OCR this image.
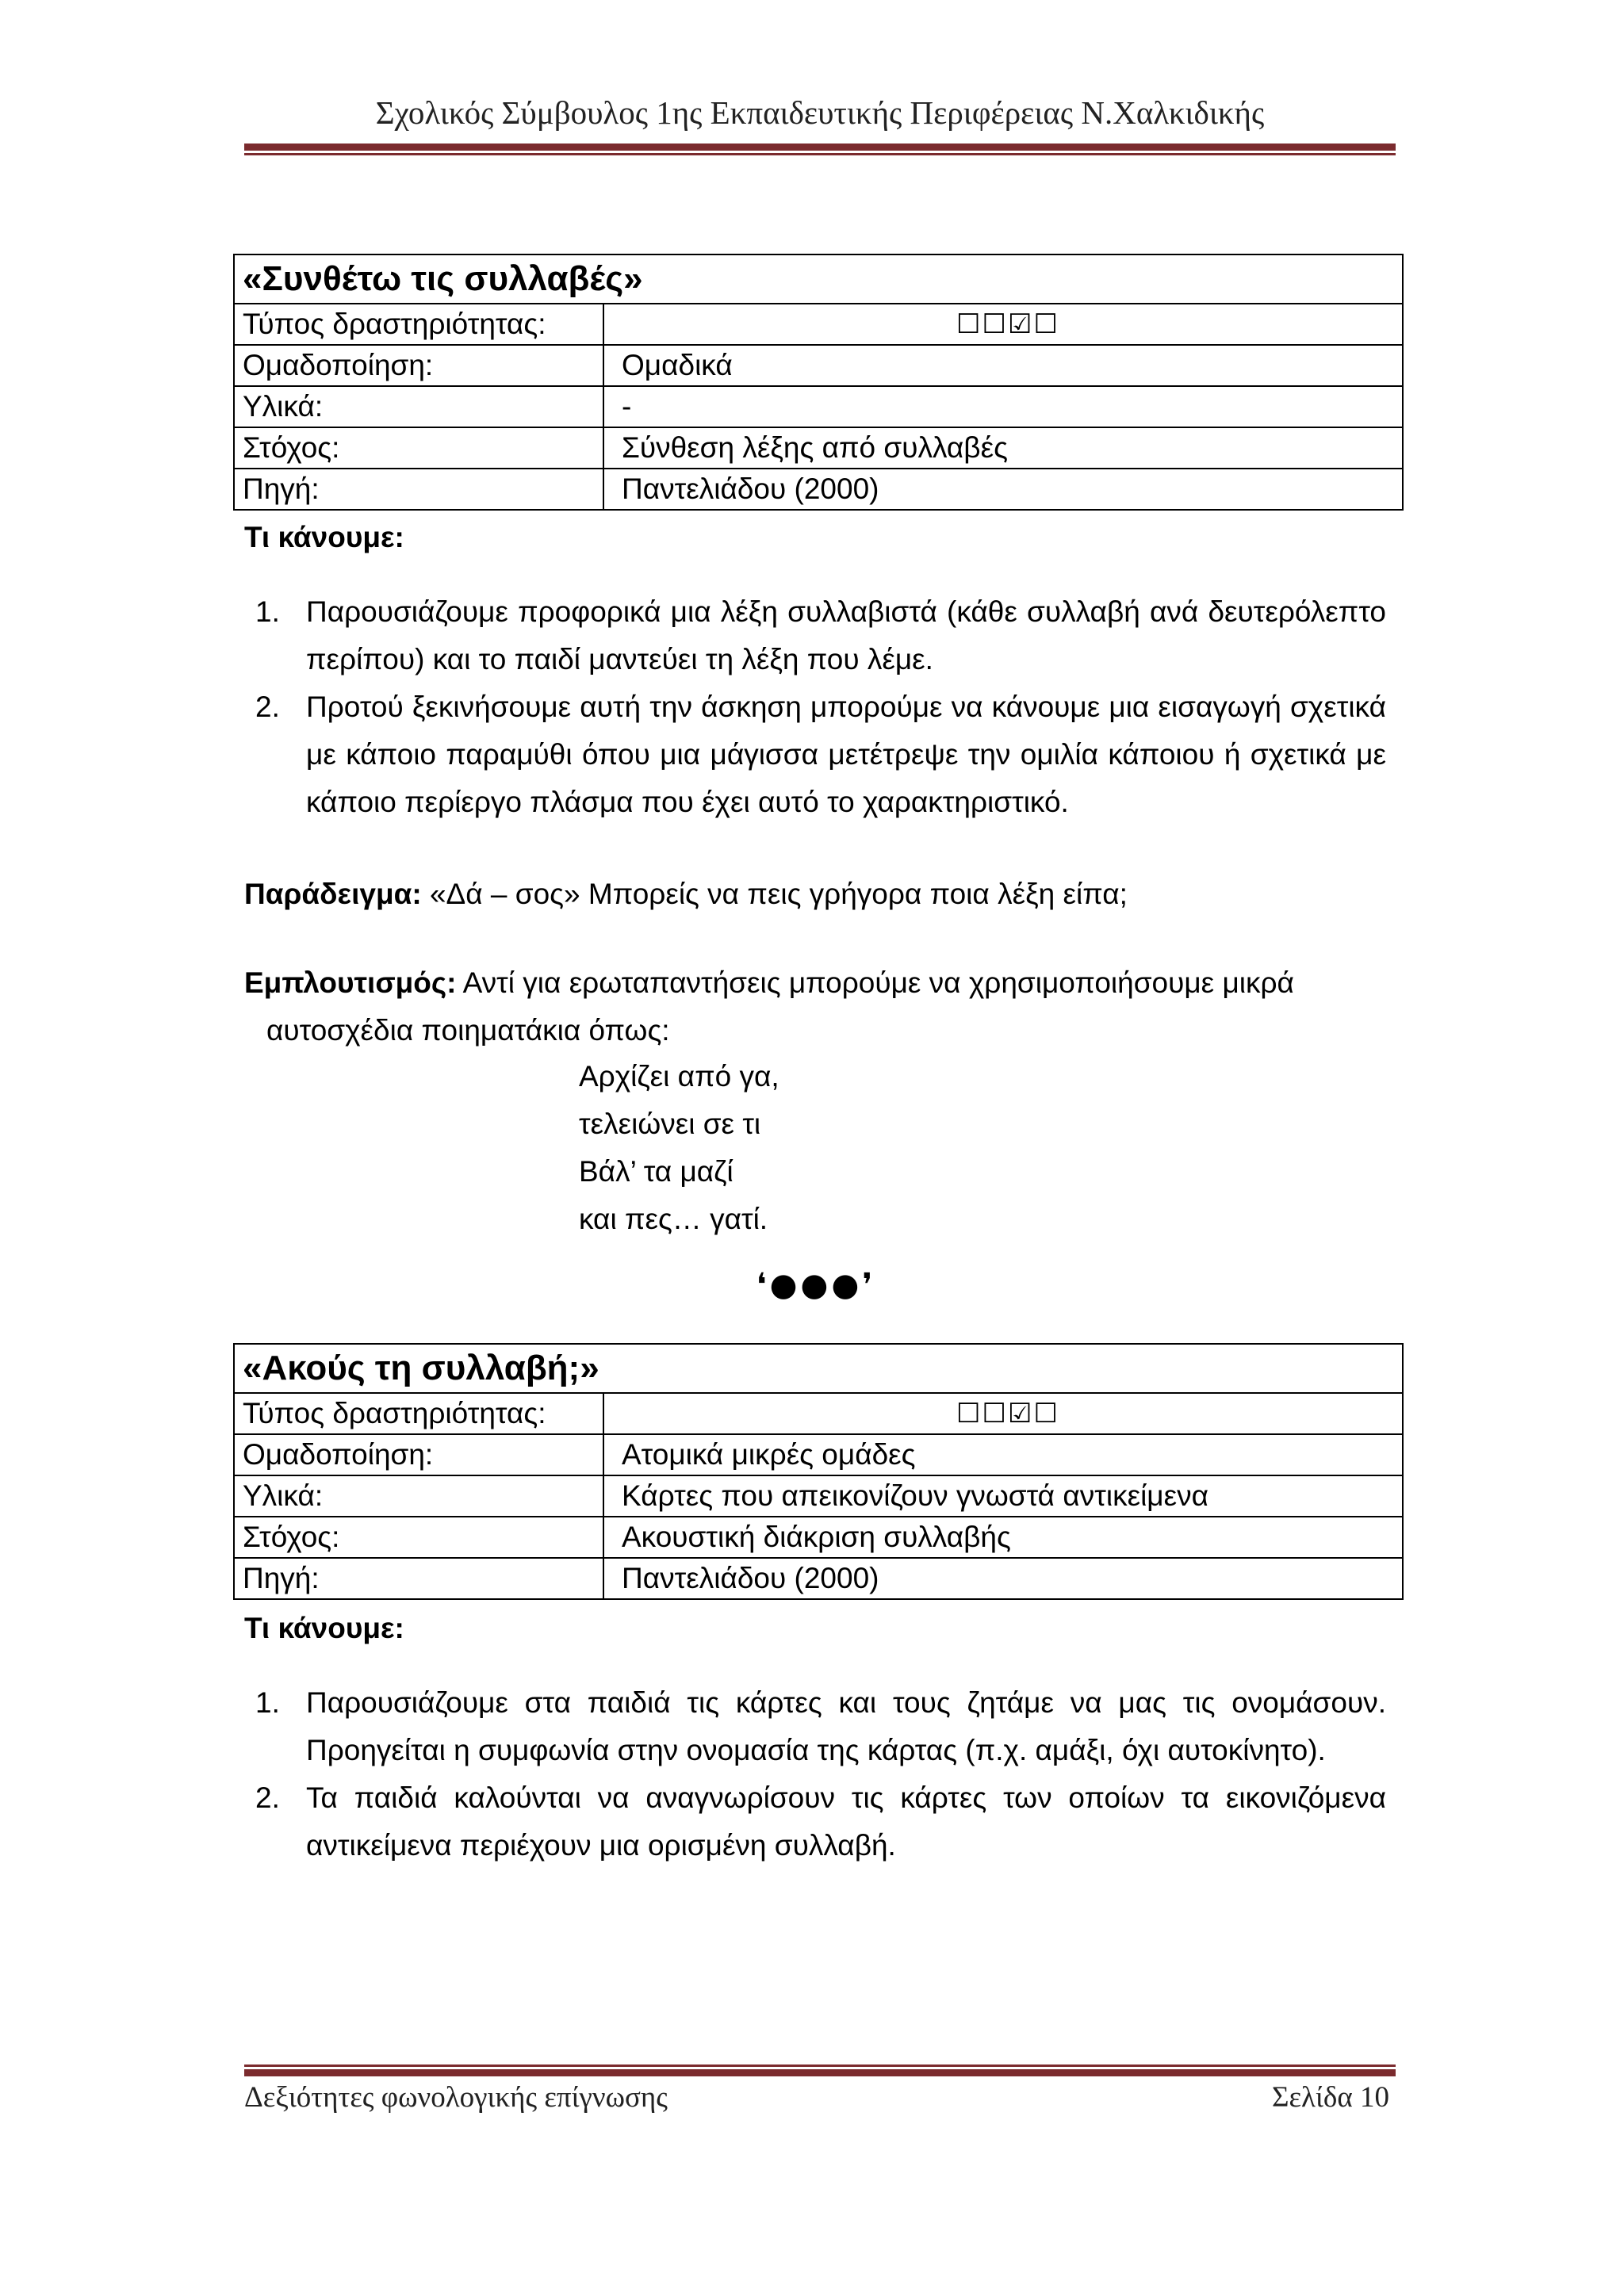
Σχολικός Σύμβουλος 1ης Εκπαιδευτικής Περιφέρειας Ν.Χαλκιδικής
«Συνθέτω τις συλλαβές»	
Τύπος δραστηριότητας:	☐☐☑☐
Ομαδοποίηση:	Ομαδικά
Υλικά:	-
Στόχος:	Σύνθεση λέξης από συλλαβές
Πηγή:	Παντελιάδου (2000)
Τι κάνουμε:
1. Παρουσιάζουμε προφορικά μια λέξη συλλαβιστά (κάθε συλλαβή ανά δευτερόλεπτο περίπου) και το παιδί μαντεύει τη λέξη που λέμε.
2. Προτού ξεκινήσουμε αυτή την άσκηση μπορούμε να κάνουμε μια εισαγωγή σχετικά με κάποιο παραμύθι όπου μια μάγισσα μετέτρεψε την ομιλία κάποιου ή σχετικά με κάποιο περίεργο πλάσμα που έχει αυτό το χαρακτηριστικό.
Παράδειγμα: «Δά – σος» Μπορείς να πεις γρήγορα ποια λέξη είπα;
Εμπλουτισμός: Αντί για ερωταπαντήσεις μπορούμε να χρησιμοποιήσουμε μικρά
αυτοσχέδια ποιηματάκια όπως:
Αρχίζει από γα,
τελειώνει σε τι
Βάλ’ τα μαζί
και πες… γατί.
❛●●●❜
«Ακούς τη συλλαβή;»	
Τύπος δραστηριότητας:	☐☐☑☐
Ομαδοποίηση:	Ατομικά μικρές ομάδες
Υλικά:	Κάρτες που απεικονίζουν γνωστά αντικείμενα
Στόχος:	Ακουστική διάκριση συλλαβής
Πηγή:	Παντελιάδου (2000)
Τι κάνουμε:
1. Παρουσιάζουμε στα παιδιά τις κάρτες και τους ζητάμε να μας τις ονομάσουν. Προηγείται η συμφωνία στην ονομασία της κάρτας (π.χ. αμάξι, όχι αυτοκίνητο).
2. Τα παιδιά καλούνται να αναγνωρίσουν τις κάρτες των οποίων τα εικονιζόμενα αντικείμενα περιέχουν μια ορισμένη συλλαβή.
Δεξιότητες φωνολογικής επίγνωσης	Σελίδα 10
